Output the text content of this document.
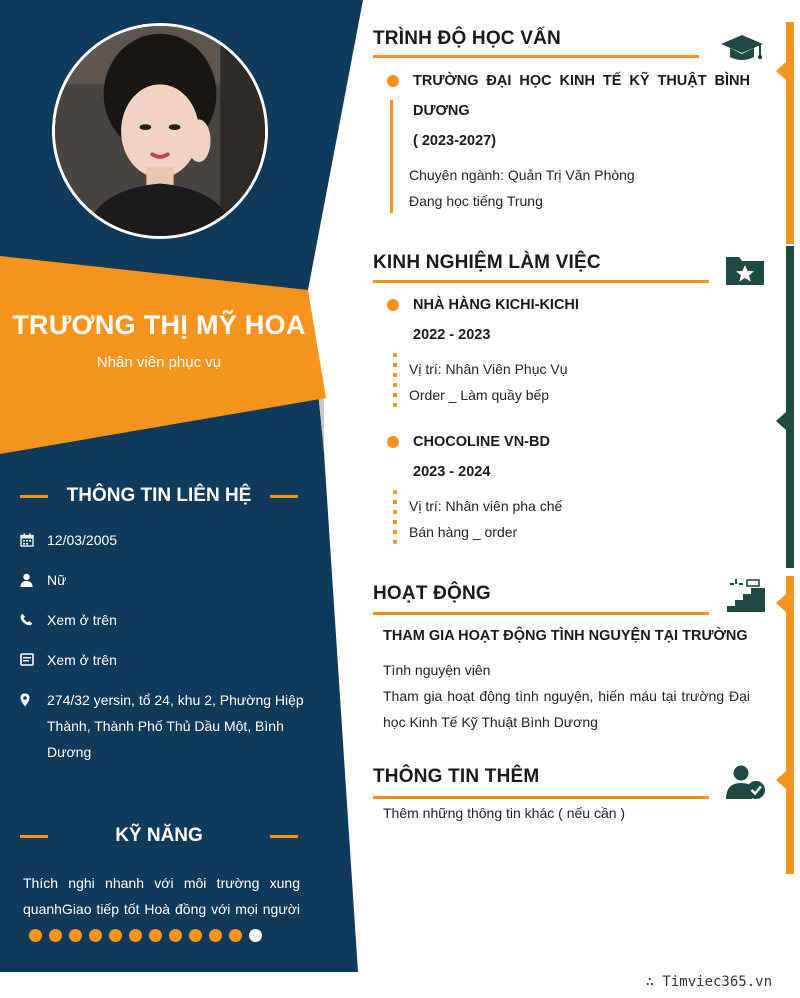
TRƯƠNG THỊ MỸ HOA
Nhân viên phục vụ
THÔNG TIN LIÊN HỆ
12/03/2005
Nữ
Xem ở trên
Xem ở trên
274/32 yersin, tổ 24, khu 2, Phường Hiệp
Thành, Thành Phố Thủ Dầu Một, Bình
Dương
KỸ NĂNG
Thích nghi nhanh với môi trường xung
quanhGiao tiếp tốt Hoà đồng với mọi người
TRÌNH ĐỘ HỌC VẤN
TRƯỜNG ĐẠI HỌC KINH TẾ KỸ THUẬT BÌNH
DƯƠNG
( 2023-2027)
Chuyên ngành: Quản Trị Văn Phòng
Đang học tiếng Trung
KINH NGHIỆM LÀM VIỆC
NHÀ HÀNG KICHI-KICHI
2022 - 2023
Vị trí: Nhân Viên Phục Vụ
Order _ Làm quầy bếp
CHOCOLINE VN-BD
2023 - 2024
Vị trí: Nhân viên pha chế
Bán hàng _ order
HOẠT ĐỘNG
THAM GIA HOẠT ĐỘNG TÌNH NGUYỆN TẠI TRƯỜNG
Tình nguyện viên
Tham gia hoạt động tình nguyện, hiến máu tại trường Đại
học Kinh Tế Kỹ Thuật Bình Dương
THÔNG TIN THÊM
Thêm những thông tin khác ( nếu cần )
∴ Timviec365.vn
